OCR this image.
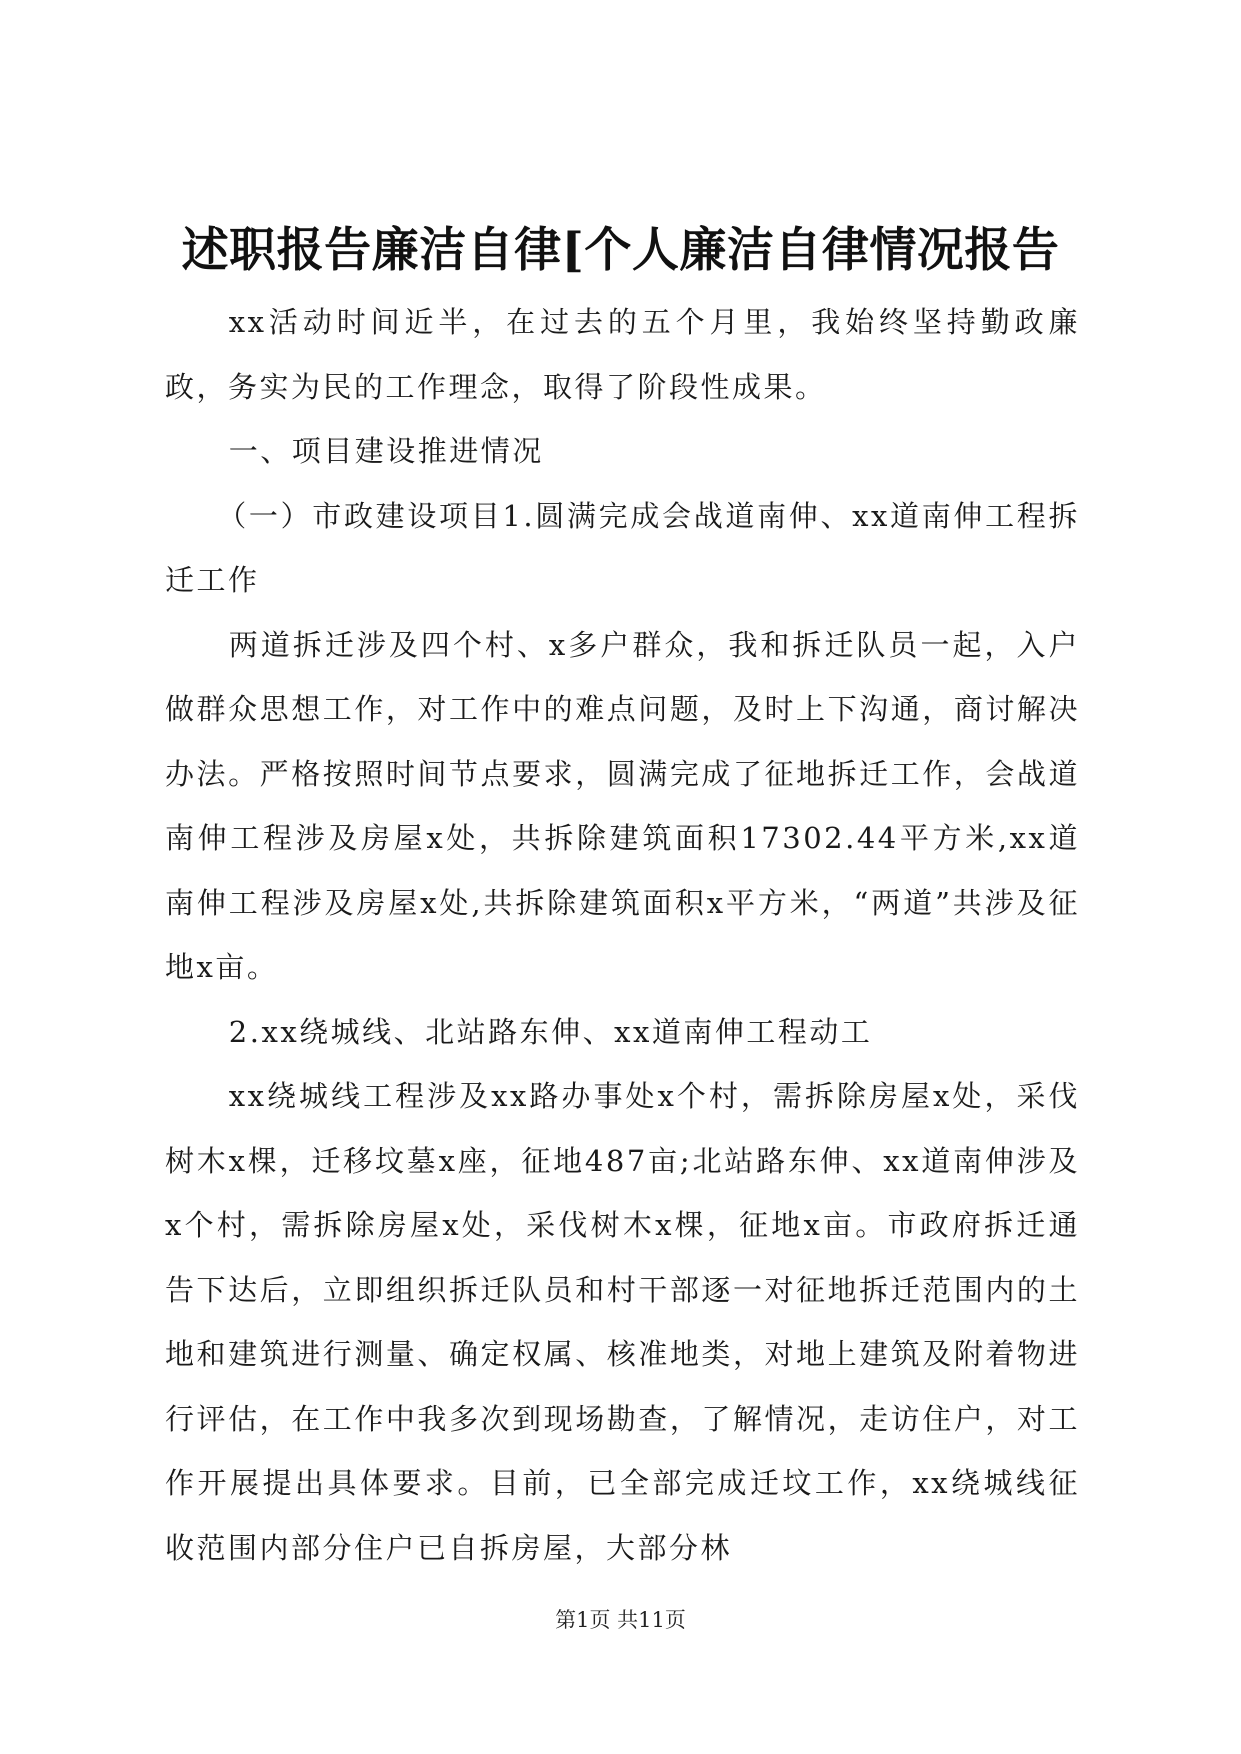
述职报告廉洁自律[个人廉洁自律情况报告

xx活动时间近半，在过去的五个月里，我始终坚持勤政廉政，务实为民的工作理念，取得了阶段性成果。

一、项目建设推进情况

（一）市政建设项目1.圆满完成会战道南伸、xx道南伸工程拆迁工作

两道拆迁涉及四个村、x多户群众，我和拆迁队员一起，入户做群众思想工作，对工作中的难点问题，及时上下沟通，商讨解决办法。严格按照时间节点要求，圆满完成了征地拆迁工作，会战道南伸工程涉及房屋x处，共拆除建筑面积17302.44平方米,xx道南伸工程涉及房屋x处,共拆除建筑面积x平方米，“两道”共涉及征地x亩。

2.xx绕城线、北站路东伸、xx道南伸工程动工

xx绕城线工程涉及xx路办事处x个村，需拆除房屋x处，采伐树木x棵，迁移坟墓x座，征地487亩;北站路东伸、xx道南伸涉及x个村，需拆除房屋x处，采伐树木x棵，征地x亩。市政府拆迁通告下达后，立即组织拆迁队员和村干部逐一对征地拆迁范围内的土地和建筑进行测量、确定权属、核准地类，对地上建筑及附着物进行评估，在工作中我多次到现场勘查，了解情况，走访住户，对工作开展提出具体要求。目前，已全部完成迁坟工作，xx绕城线征收范围内部分住户已自拆房屋，大部分林

第1页 共11页
